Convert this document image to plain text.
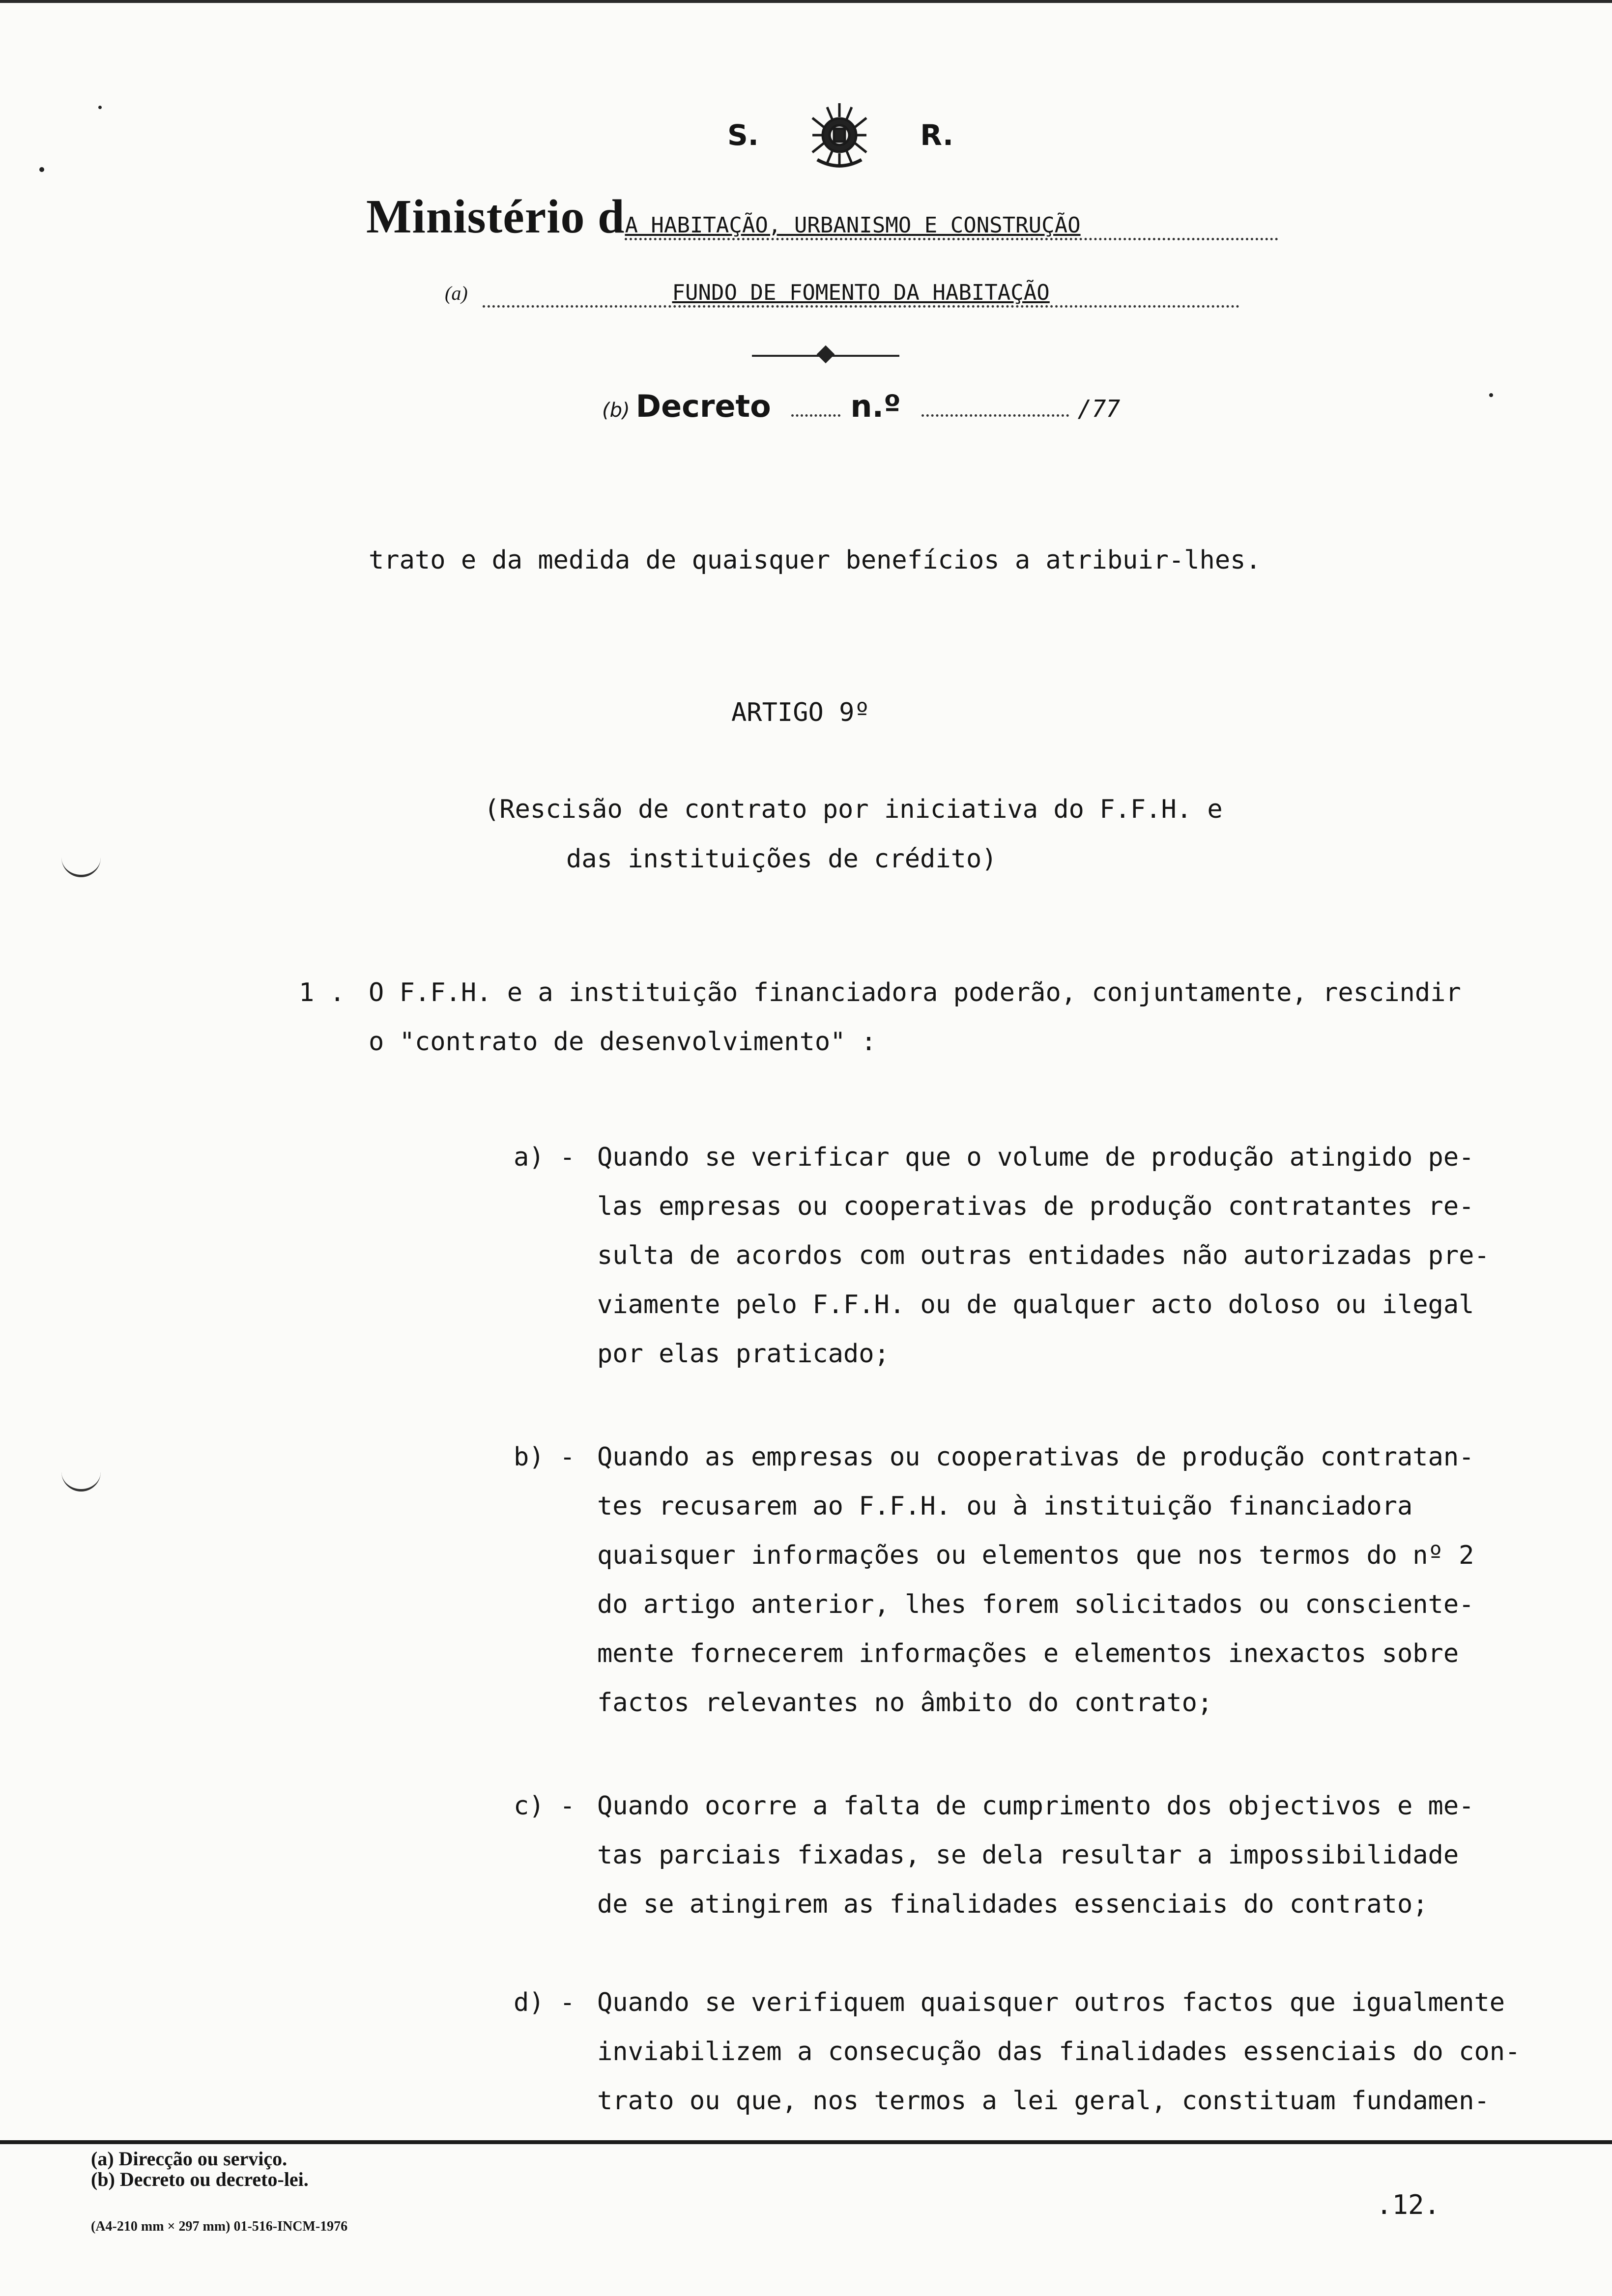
S.	R.
Ministério dA HABITAÇÃO, URBANISMO E CONSTRUÇÃO
(a)	FUNDO DE FOMENTO DA HABITAÇÃO
(b) Decreto	n.º	/77
trato e da medida de quaisquer benefícios a atribuir-lhes.
ARTIGO 9º
(Rescisão de contrato por iniciativa do F.F.H. e
das instituições de crédito)
1 . O F.F.H. e a instituição financiadora poderão, conjuntamente, rescindir
o "contrato de desenvolvimento" :
a) - Quando se verificar que o volume de produção atingido pe-
las empresas ou cooperativas de produção contratantes re-
sulta de acordos com outras entidades não autorizadas pre-
viamente pelo F.F.H. ou de qualquer acto doloso ou ilegal
por elas praticado;
b) - Quando as empresas ou cooperativas de produção contratan-
tes recusarem ao F.F.H. ou à instituição financiadora
quaisquer informações ou elementos que nos termos do nº 2
do artigo anterior, lhes forem solicitados ou consciente-
mente fornecerem informações e elementos inexactos sobre
factos relevantes no âmbito do contrato;
c) - Quando ocorre a falta de cumprimento dos objectivos e me-
tas parciais fixadas, se dela resultar a impossibilidade
de se atingirem as finalidades essenciais do contrato;
d) - Quando se verifiquem quaisquer outros factos que igualmente
inviabilizem a consecução das finalidades essenciais do con-
trato ou que, nos termos a lei geral, constituam fundamen-
(a) Direcção ou serviço.
(b) Decreto ou decreto-lei.
(A4-210 mm × 297 mm) 01-516-INCM-1976
.12.
